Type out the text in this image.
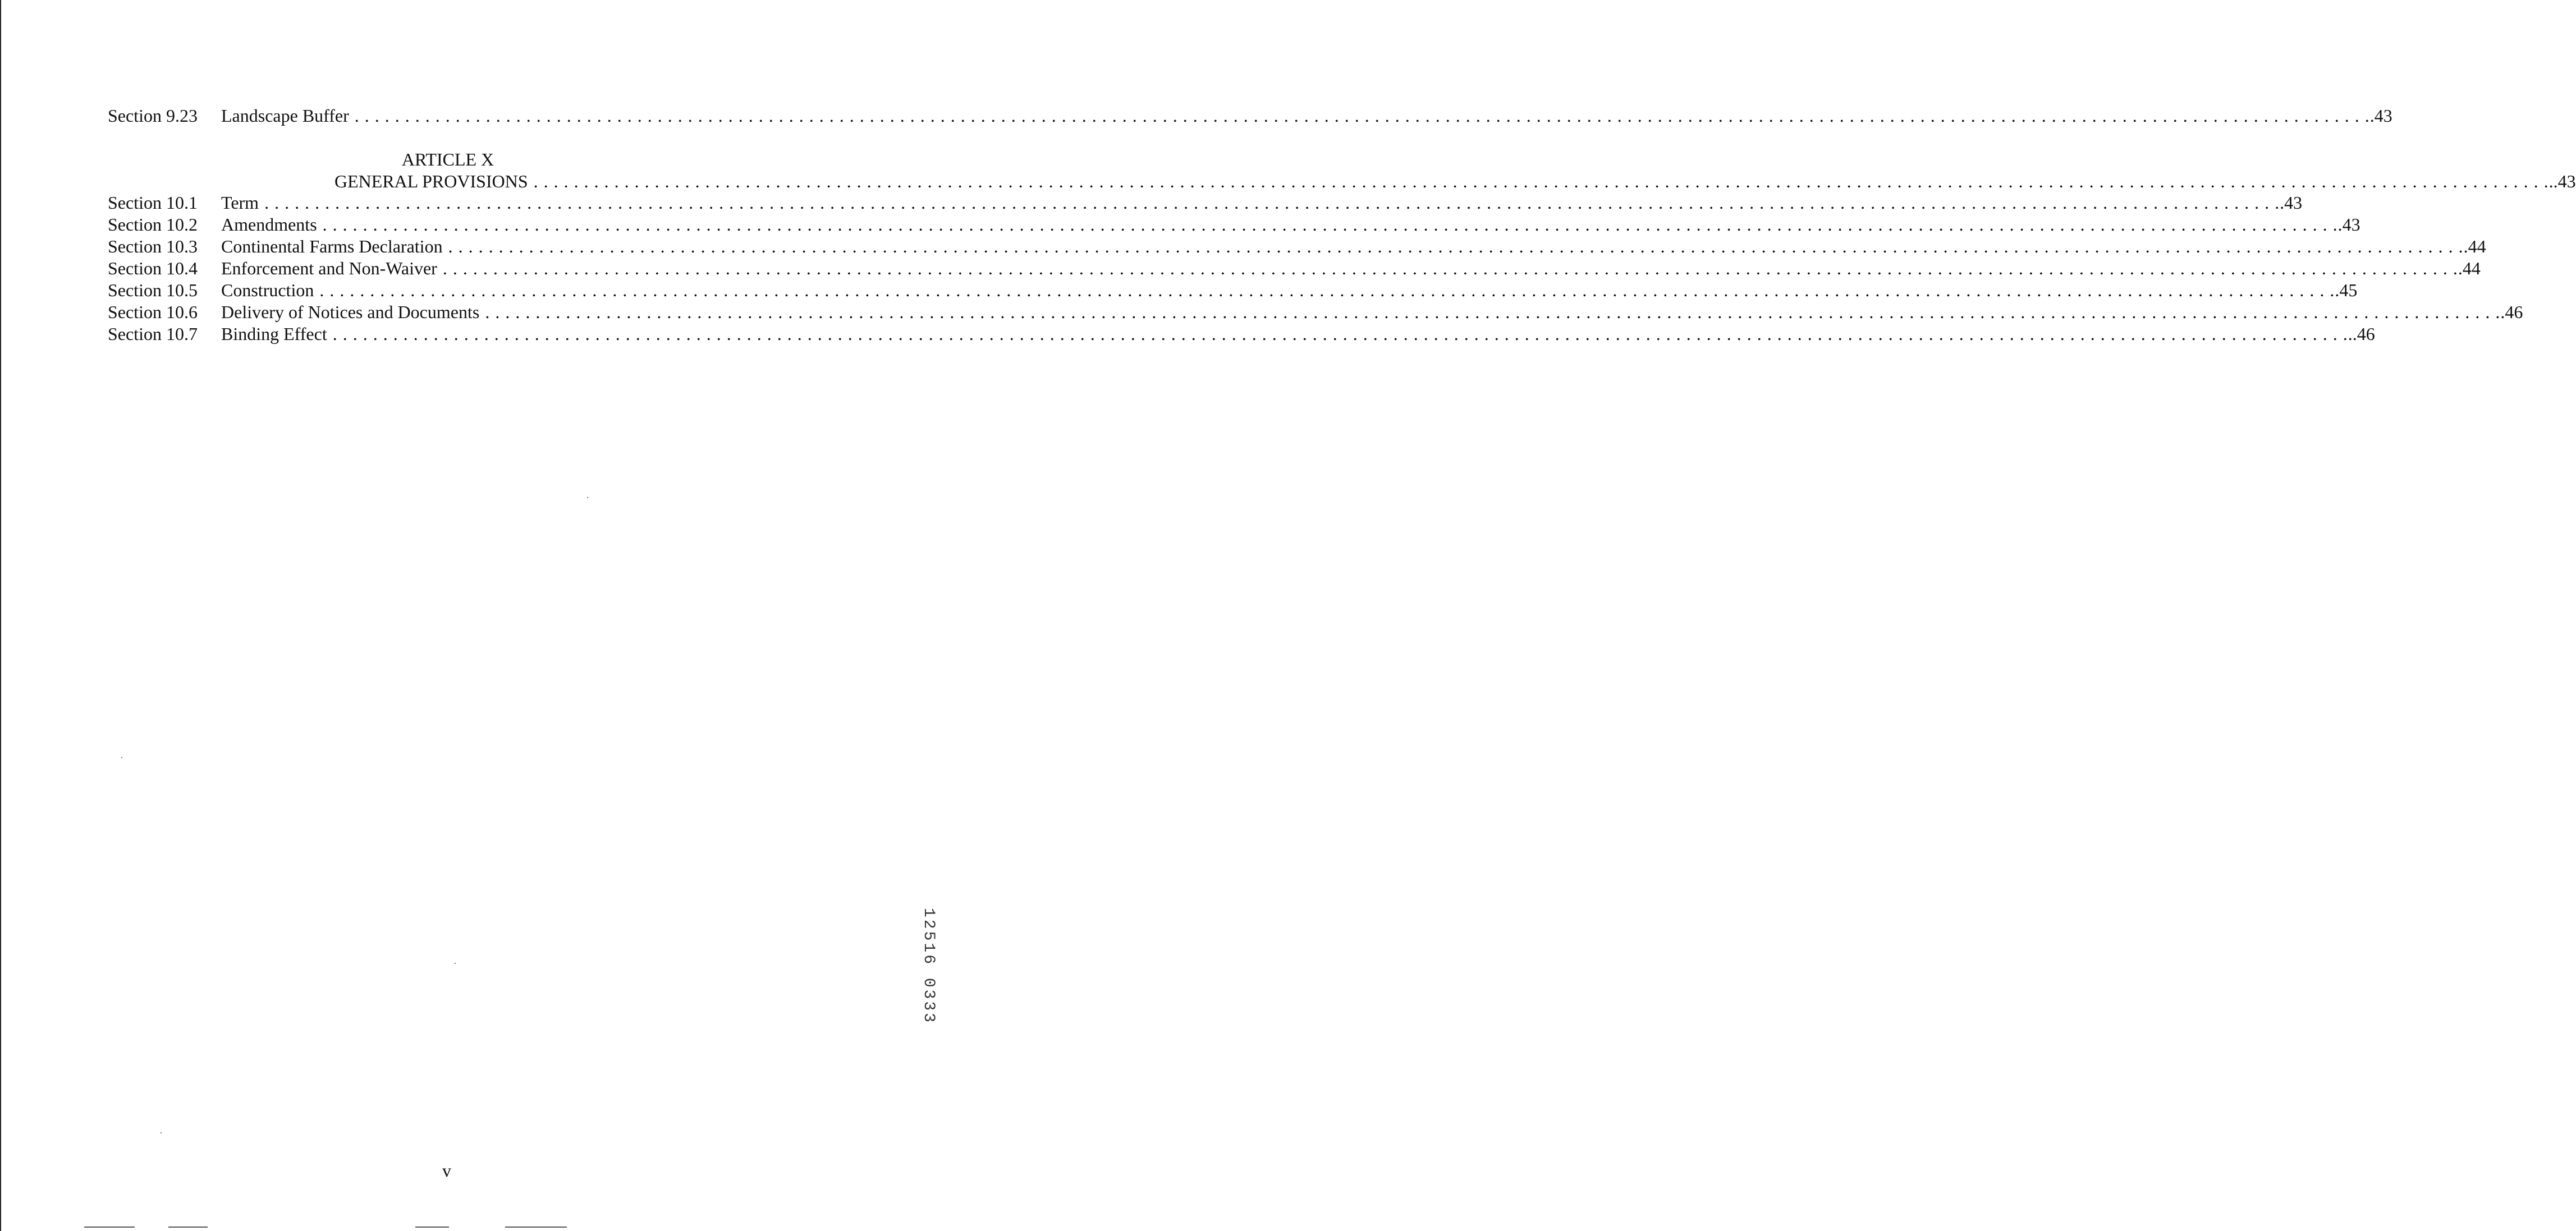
Section 9.23 Landscape Buffer . . . . . . . . . . . . . . . . . . . . . . . . . . . . . . . . . . . . . . . . . . . . . . . . . . . . . . . . . . . . . . . . . . . . . . . . . . . . . . . . . . . . . . . . . . . . . . . . . . . . . . . . . . . . . . . . . . . . . . . . . . . . . . . . . . . . . . . . . . . . . . . . . . . . . . . . . . . . . . . . . . . . . . . . . . . . . . . . . . . . . . . . . . . . . . . . . . . . . . . . .43
ARTICLE X
GENERAL PROVISIONS . . . . . . . . . . . . . . . . . . . . . . . . . . . . . . . . . . . . . . . . . . . . . . . . . . . . . . . . . . . . . . . . . . . . . . . . . . . . . . . . . . . . . . . . . . . . . . . . . . . . . . . . . . . . . . . . . . . . . . . . . . . . . . . . . . . . . . . . . . . . . . . . . . . . . . . . . . . . . . . . . . . . . . . . . . . . . . . . . . . . . . . . . . . . . . . . . . . . . . . . ..43
Section 10.1 Term . . . . . . . . . . . . . . . . . . . . . . . . . . . . . . . . . . . . . . . . . . . . . . . . . . . . . . . . . . . . . . . . . . . . . . . . . . . . . . . . . . . . . . . . . . . . . . . . . . . . . . . . . . . . . . . . . . . . . . . . . . . . . . . . . . . . . . . . . . . . . . . . . . . . . . . . . . . . . . . . . . . . . . . . . . . . . . . . . . . . . . . . . . . . . . . . . . . . . . . . .43
Section 10.2 Amendments . . . . . . . . . . . . . . . . . . . . . . . . . . . . . . . . . . . . . . . . . . . . . . . . . . . . . . . . . . . . . . . . . . . . . . . . . . . . . . . . . . . . . . . . . . . . . . . . . . . . . . . . . . . . . . . . . . . . . . . . . . . . . . . . . . . . . . . . . . . . . . . . . . . . . . . . . . . . . . . . . . . . . . . . . . . . . . . . . . . . . . . . . . . . . . . . . . . . . . . . .43
Section 10.3 Continental Farms Declaration . . . . . . . . . . . . . . . . . . . . . . . . . . . . . . . . . . . . . . . . . . . . . . . . . . . . . . . . . . . . . . . . . . . . . . . . . . . . . . . . . . . . . . . . . . . . . . . . . . . . . . . . . . . . . . . . . . . . . . . . . . . . . . . . . . . . . . . . . . . . . . . . . . . . . . . . . . . . . . . . . . . . . . . . . . . . . . . . . . . . . . . . . . . . . . . . . . . . . . . . .44
Section 10.4 Enforcement and Non-Waiver . . . . . . . . . . . . . . . . . . . . . . . . . . . . . . . . . . . . . . . . . . . . . . . . . . . . . . . . . . . . . . . . . . . . . . . . . . . . . . . . . . . . . . . . . . . . . . . . . . . . . . . . . . . . . . . . . . . . . . . . . . . . . . . . . . . . . . . . . . . . . . . . . . . . . . . . . . . . . . . . . . . . . . . . . . . . . . . . . . . . . . . . . . . . . . . . . . . . . . . . .44
Section 10.5 Construction . . . . . . . . . . . . . . . . . . . . . . . . . . . . . . . . . . . . . . . . . . . . . . . . . . . . . . . . . . . . . . . . . . . . . . . . . . . . . . . . . . . . . . . . . . . . . . . . . . . . . . . . . . . . . . . . . . . . . . . . . . . . . . . . . . . . . . . . . . . . . . . . . . . . . . . . . . . . . . . . . . . . . . . . . . . . . . . . . . . . . . . . . . . . . . . . . . . . . . . . .45
Section 10.6 Delivery of Notices and Documents . . . . . . . . . . . . . . . . . . . . . . . . . . . . . . . . . . . . . . . . . . . . . . . . . . . . . . . . . . . . . . . . . . . . . . . . . . . . . . . . . . . . . . . . . . . . . . . . . . . . . . . . . . . . . . . . . . . . . . . . . . . . . . . . . . . . . . . . . . . . . . . . . . . . . . . . . . . . . . . . . . . . . . . . . . . . . . . . . . . . . . . . . . . . . . . . . . . . . . . . .46
Section 10.7 Binding Effect . . . . . . . . . . . . . . . . . . . . . . . . . . . . . . . . . . . . . . . . . . . . . . . . . . . . . . . . . . . . . . . . . . . . . . . . . . . . . . . . . . . . . . . . . . . . . . . . . . . . . . . . . . . . . . . . . . . . . . . . . . . . . . . . . . . . . . . . . . . . . . . . . . . . . . . . . . . . . . . . . . . . . . . . . . . . . . . . . . . . . . . . . . . . . . . . . . . . . . . . ..46
12516 0333
v
